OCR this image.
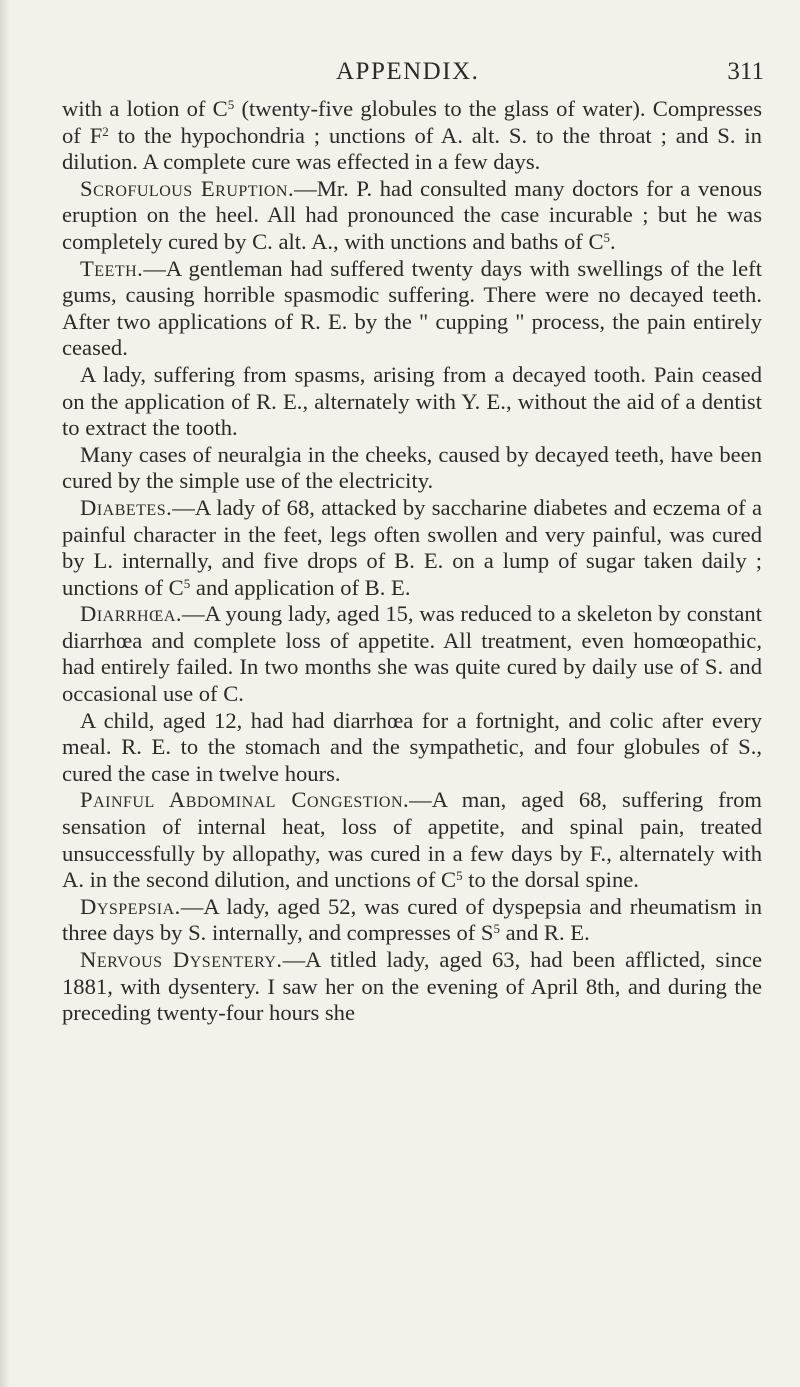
APPENDIX.	311

with a lotion of $C^5$ (twenty-five globules to the glass of water). Compresses of $F^2$ to the hypochondria ; unctions of A. alt. S. to the throat ; and S. in dilution. A complete cure was effected in a few days.

Scrofulous Eruption.—Mr. P. had consulted many doctors for a venous eruption on the heel. All had pronounced the case incurable ; but he was completely cured by C. alt. A., with unctions and baths of $C^5$.

Teeth.—A gentleman had suffered twenty days with swellings of the left gums, causing horrible spasmodic suffering. There were no decayed teeth. After two applications of R. E. by the " cupping " process, the pain entirely ceased.

A lady, suffering from spasms, arising from a decayed tooth. Pain ceased on the application of R. E., alternately with Y. E., without the aid of a dentist to extract the tooth.

Many cases of neuralgia in the cheeks, caused by decayed teeth, have been cured by the simple use of the electricity.

Diabetes.—A lady of 68, attacked by saccharine diabetes and eczema of a painful character in the feet, legs often swollen and very painful, was cured by L. internally, and five drops of B. E. on a lump of sugar taken daily ; unctions of $C^5$ and application of B. E.

Diarrhœa.—A young lady, aged 15, was reduced to a skeleton by constant diarrhœa and complete loss of appetite. All treatment, even homœopathic, had entirely failed. In two months she was quite cured by daily use of S. and occasional use of C.

A child, aged 12, had had diarrhœa for a fortnight, and colic after every meal. R. E. to the stomach and the sympathetic, and four globules of S., cured the case in twelve hours.

Painful Abdominal Congestion.—A man, aged 68, suffering from sensation of internal heat, loss of appetite, and spinal pain, treated unsuccessfully by allopathy, was cured in a few days by F., alternately with A. in the second dilution, and unctions of $C^5$ to the dorsal spine.

Dyspepsia.—A lady, aged 52, was cured of dyspepsia and rheumatism in three days by S. internally, and compresses of $S^5$ and R. E.

Nervous Dysentery.—A titled lady, aged 63, had been afflicted, since 1881, with dysentery. I saw her on the evening of April 8th, and during the preceding twenty-four hours she
